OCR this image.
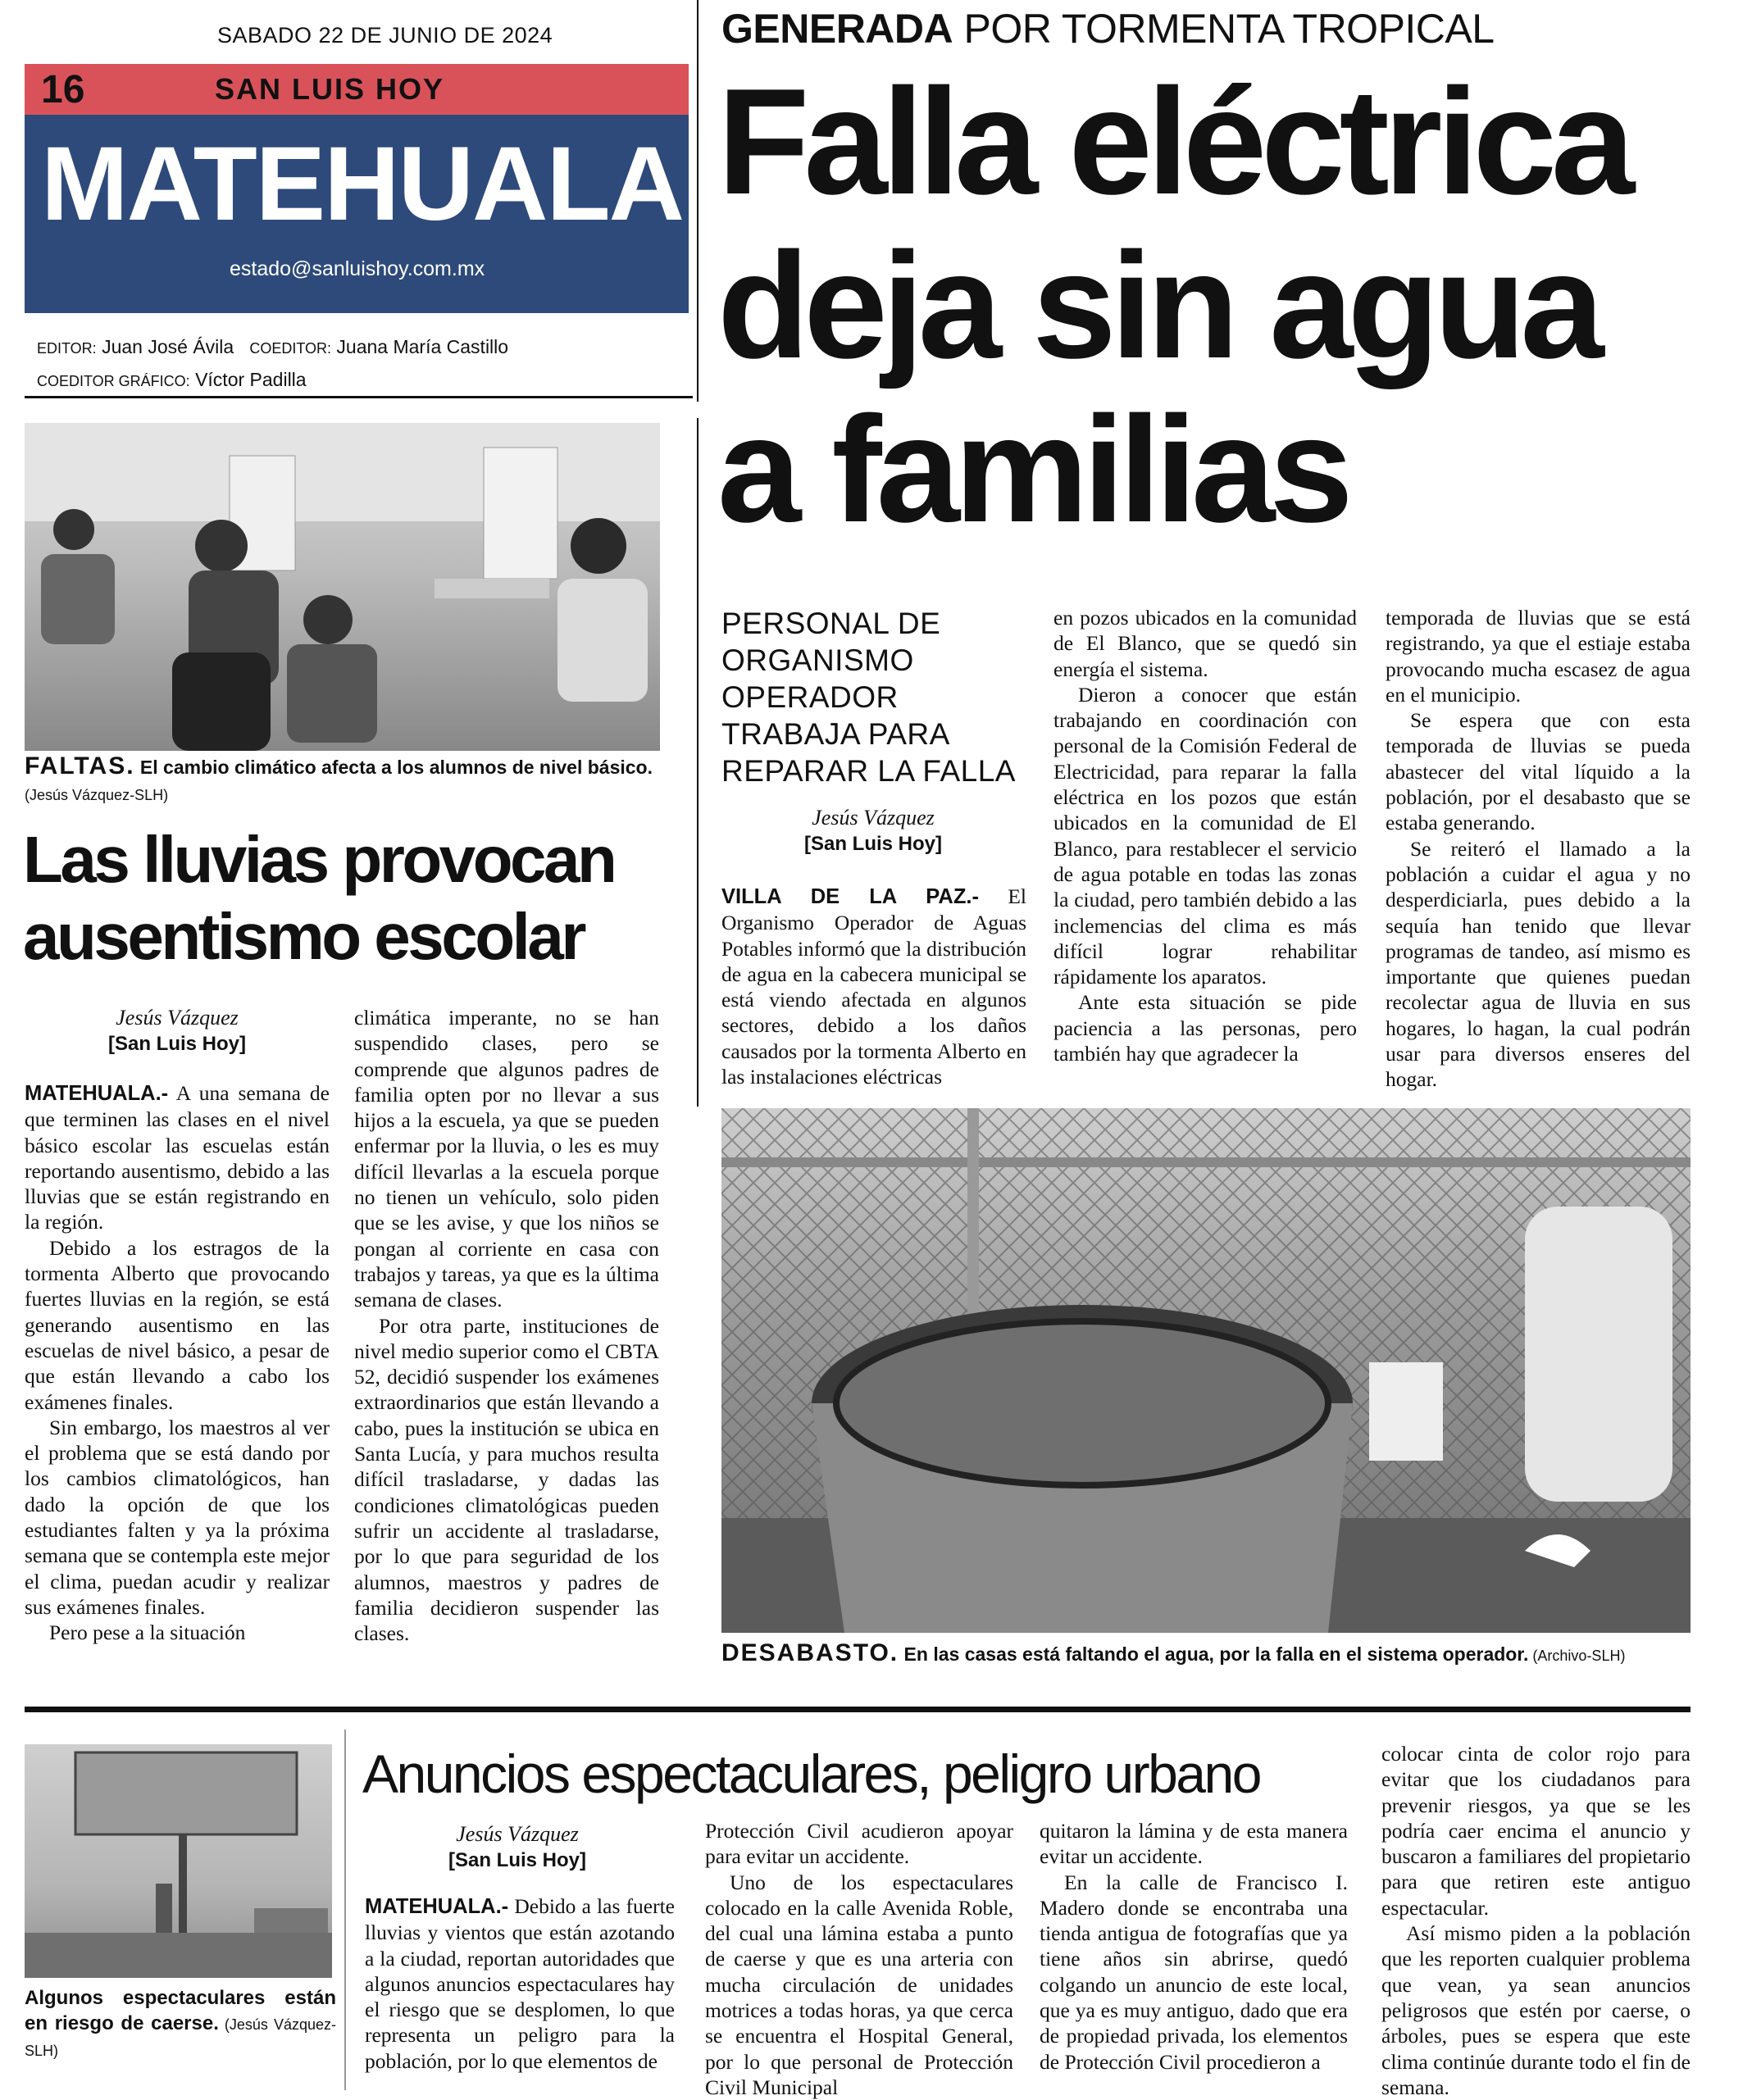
SABADO 22 DE JUNIO DE 2024
16	SAN LUIS HOY
MATEHUALA
estado@sanluishoy.com.mx
EDITOR: Juan José Ávila COEDITOR: Juana María Castillo
COEDITOR GRÁFICO: Víctor Padilla
GENERADA POR TORMENTA TROPICAL
Falla eléctrica
deja sin agua
a familias
PERSONAL DE
ORGANISMO
OPERADOR
TRABAJA PARA
REPARAR LA FALLA
Jesús Vázquez
[San Luis Hoy]

VILLA DE LA PAZ.- El Organismo Operador de Aguas Potables informó que la distribución de agua en la cabecera municipal se está viendo afectada en algunos sectores, debido a los daños causados por la tormenta Alberto en las instalaciones eléctricas

en pozos ubicados en la comunidad de El Blanco, que se quedó sin energía el sistema.

Dieron a conocer que están trabajando en coordinación con personal de la Comisión Federal de Electricidad, para reparar la falla eléctrica en los pozos que están ubicados en la comunidad de El Blanco, para restablecer el servicio de agua potable en todas las zonas la ciudad, pero también debido a las inclemencias del clima es más difícil lograr rehabilitar rápidamente los aparatos.

Ante esta situación se pide paciencia a las personas, pero también hay que agradecer la

temporada de lluvias que se está registrando, ya que el estiaje estaba provocando mucha escasez de agua en el municipio.

Se espera que con esta temporada de lluvias se pueda abastecer del vital líquido a la población, por el desabasto que se estaba generando.

Se reiteró el llamado a la población a cuidar el agua y no desperdiciarla, pues debido a la sequía han tenido que llevar programas de tandeo, así mismo es importante que quienes puedan recolectar agua de lluvia en sus hogares, lo hagan, la cual podrán usar para diversos enseres del hogar.

DESABASTO. En las casas está faltando el agua, por la falla en el sistema operador. (Archivo-SLH)
FALTAS. El cambio climático afecta a los alumnos de nivel básico. (Jesús Vázquez-SLH)
Las lluvias provocan
ausentismo escolar
Jesús Vázquez
[San Luis Hoy]

MATEHUALA.- A una semana de que terminen las clases en el nivel básico escolar las escuelas están reportando ausentismo, debido a las lluvias que se están registrando en la región.

Debido a los estragos de la tormenta Alberto que provocando fuertes lluvias en la región, se está generando ausentismo en las escuelas de nivel básico, a pesar de que están llevando a cabo los exámenes finales.

Sin embargo, los maestros al ver el problema que se está dando por los cambios climatológicos, han dado la opción de que los estudiantes falten y ya la próxima semana que se contempla este mejor el clima, puedan acudir y realizar sus exámenes finales.

Pero pese a la situación

climática imperante, no se han suspendido clases, pero se comprende que algunos padres de familia opten por no llevar a sus hijos a la escuela, ya que se pueden enfermar por la lluvia, o les es muy difícil llevarlas a la escuela porque no tienen un vehículo, solo piden que se les avise, y que los niños se pongan al corriente en casa con trabajos y tareas, ya que es la última semana de clases.

Por otra parte, instituciones de nivel medio superior como el CBTA 52, decidió suspender los exámenes extraordinarios que están llevando a cabo, pues la institución se ubica en Santa Lucía, y para muchos resulta difícil trasladarse, y dadas las condiciones climatológicas pueden sufrir un accidente al trasladarse, por lo que para seguridad de los alumnos, maestros y padres de familia decidieron suspender las clases.

Algunos espectaculares están en riesgo de caerse. (Jesús Vázquez-SLH)
Anuncios espectaculares, peligro urbano
Jesús Vázquez
[San Luis Hoy]

MATEHUALA.- Debido a las fuerte lluvias y vientos que están azotando a la ciudad, reportan autoridades que algunos anuncios espectaculares hay el riesgo que se desplomen, lo que representa un peligro para la población, por lo que elementos de

Protección Civil acudieron apoyar para evitar un accidente.

Uno de los espectaculares colocado en la calle Avenida Roble, del cual una lámina estaba a punto de caerse y que es una arteria con mucha circulación de unidades motrices a todas horas, ya que cerca se encuentra el Hospital General, por lo que personal de Protección Civil Municipal

quitaron la lámina y de esta manera evitar un accidente.

En la calle de Francisco I. Madero donde se encontraba una tienda antigua de fotografías que ya tiene años sin abrirse, quedó colgando un anuncio de este local, que ya es muy antiguo, dado que era de propiedad privada, los elementos de Protección Civil procedieron a

colocar cinta de color rojo para evitar que los ciudadanos para prevenir riesgos, ya que se les podría caer encima el anuncio y buscaron a familiares del propietario para que retiren este antiguo espectacular.

Así mismo piden a la población que les reporten cualquier problema que vean, ya sean anuncios peligrosos que estén por caerse, o árboles, pues se espera que este clima continúe durante todo el fin de semana.
